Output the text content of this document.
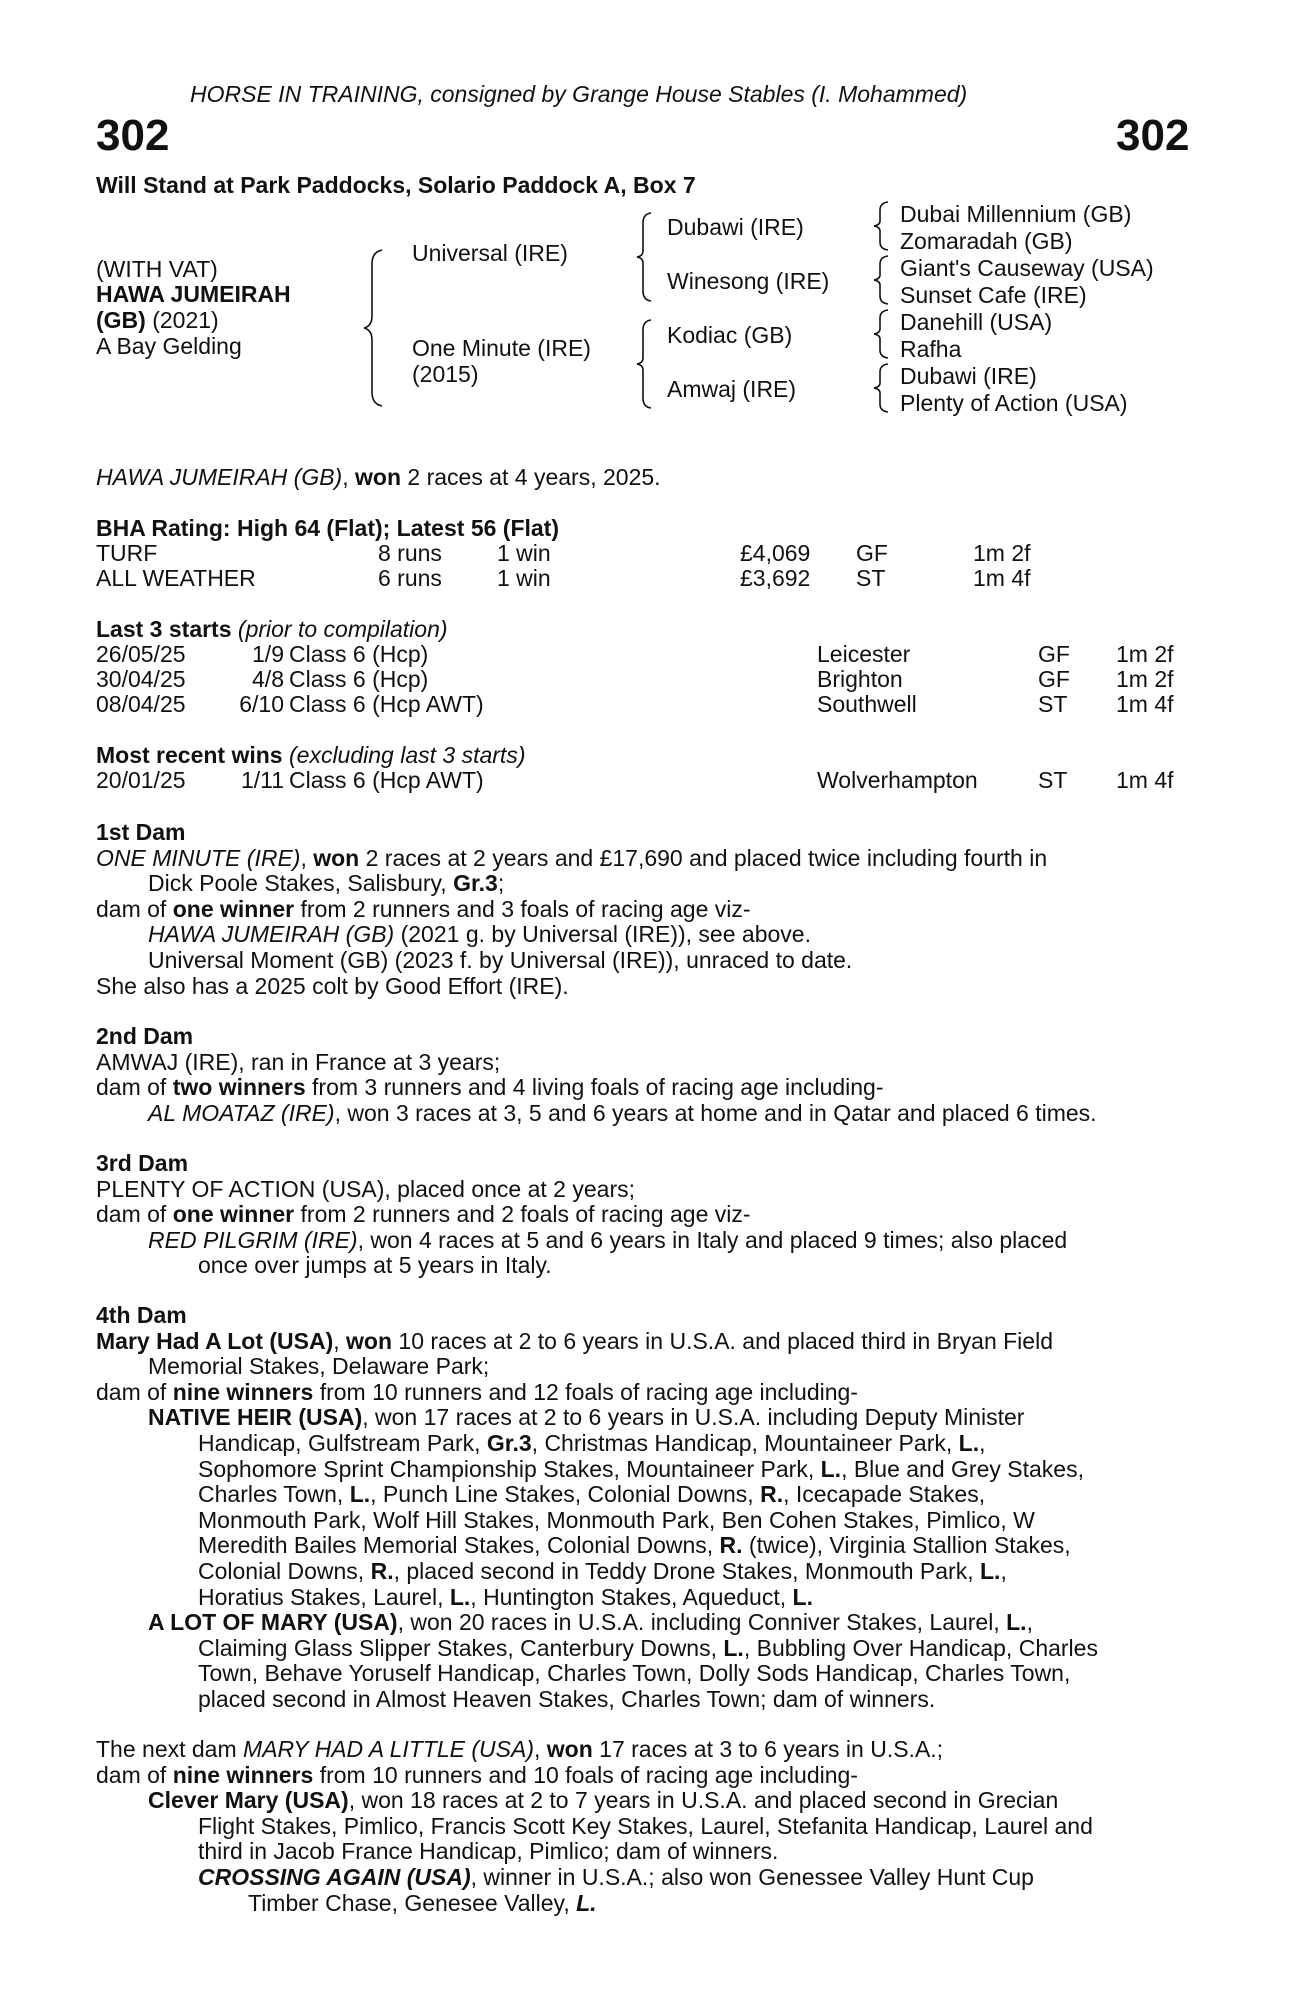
HORSE IN TRAINING, consigned by Grange House Stables (I. Mohammed)
302	302
Will Stand at Park Paddocks, Solario Paddock A, Box 7
(WITH VAT)
HAWA JUMEIRAH
(GB) (2021)
A Bay Gelding
Universal (IRE)
One Minute (IRE)
(2015)
Dubawi (IRE)
Winesong (IRE)
Kodiac (GB)
Amwaj (IRE)
Dubai Millennium (GB)
Zomaradah (GB)
Giant's Causeway (USA)
Sunset Cafe (IRE)
Danehill (USA)
Rafha
Dubawi (IRE)
Plenty of Action (USA)
HAWA JUMEIRAH (GB), won 2 races at 4 years, 2025.
BHA Rating: High 64 (Flat); Latest 56 (Flat)
TURF	8 runs 1 win	£4,069 GF	1m 2f
ALL WEATHER	6 runs 1 win	£3,692 ST	1m 4f
Last 3 starts (prior to compilation)
26/05/25	1/9 Class 6 (Hcp)	Leicester	GF 1m 2f
30/04/25	4/8 Class 6 (Hcp)	Brighton	GF 1m 2f
08/04/25 6/10 Class 6 (Hcp AWT)	Southwell	ST 1m 4f
Most recent wins (excluding last 3 starts)
20/01/25	1/11 Class 6 (Hcp AWT)	Wolverhampton	ST 1m 4f
1st Dam
ONE MINUTE (IRE), won 2 races at 2 years and £17,690 and placed twice including fourth in
Dick Poole Stakes, Salisbury, Gr.3;
dam of one winner from 2 runners and 3 foals of racing age viz-
HAWA JUMEIRAH (GB) (2021 g. by Universal (IRE)), see above.
Universal Moment (GB) (2023 f. by Universal (IRE)), unraced to date.
She also has a 2025 colt by Good Effort (IRE).
2nd Dam
AMWAJ (IRE), ran in France at 3 years;
dam of two winners from 3 runners and 4 living foals of racing age including-
AL MOATAZ (IRE), won 3 races at 3, 5 and 6 years at home and in Qatar and placed 6 times.
3rd Dam
PLENTY OF ACTION (USA), placed once at 2 years;
dam of one winner from 2 runners and 2 foals of racing age viz-
RED PILGRIM (IRE), won 4 races at 5 and 6 years in Italy and placed 9 times; also placed
once over jumps at 5 years in Italy.
4th Dam
Mary Had A Lot (USA), won 10 races at 2 to 6 years in U.S.A. and placed third in Bryan Field
Memorial Stakes, Delaware Park;
dam of nine winners from 10 runners and 12 foals of racing age including-
NATIVE HEIR (USA), won 17 races at 2 to 6 years in U.S.A. including Deputy Minister
Handicap, Gulfstream Park, Gr.3, Christmas Handicap, Mountaineer Park, L.,
Sophomore Sprint Championship Stakes, Mountaineer Park, L., Blue and Grey Stakes,
Charles Town, L., Punch Line Stakes, Colonial Downs, R., Icecapade Stakes,
Monmouth Park, Wolf Hill Stakes, Monmouth Park, Ben Cohen Stakes, Pimlico, W
Meredith Bailes Memorial Stakes, Colonial Downs, R. (twice), Virginia Stallion Stakes,
Colonial Downs, R., placed second in Teddy Drone Stakes, Monmouth Park, L.,
Horatius Stakes, Laurel, L., Huntington Stakes, Aqueduct, L.
A LOT OF MARY (USA), won 20 races in U.S.A. including Conniver Stakes, Laurel, L.,
Claiming Glass Slipper Stakes, Canterbury Downs, L., Bubbling Over Handicap, Charles
Town, Behave Yoruself Handicap, Charles Town, Dolly Sods Handicap, Charles Town,
placed second in Almost Heaven Stakes, Charles Town; dam of winners.
The next dam MARY HAD A LITTLE (USA), won 17 races at 3 to 6 years in U.S.A.;
dam of nine winners from 10 runners and 10 foals of racing age including-
Clever Mary (USA), won 18 races at 2 to 7 years in U.S.A. and placed second in Grecian
Flight Stakes, Pimlico, Francis Scott Key Stakes, Laurel, Stefanita Handicap, Laurel and
third in Jacob France Handicap, Pimlico; dam of winners.
CROSSING AGAIN (USA), winner in U.S.A.; also won Genessee Valley Hunt Cup
Timber Chase, Genesee Valley, L.
